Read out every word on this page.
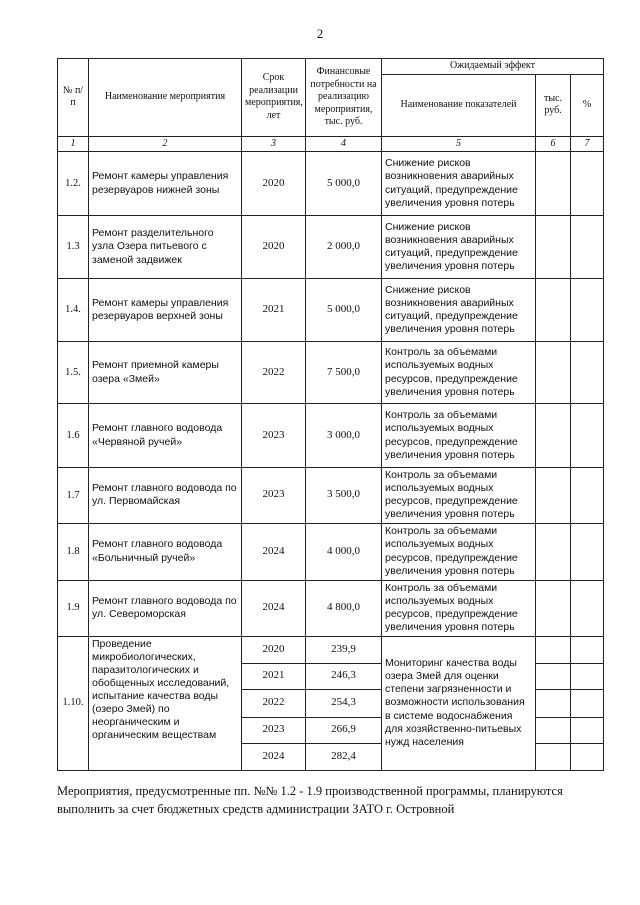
2
№ п/п	Наименование мероприятия	Срок реализации мероприятия, лет	Финансовые потребности на реализацию мероприятия, тыс. руб.	Ожидаемый эффект		
				Наименование показателей	тыс. руб.	%
1	2	3	4	5	6	7
1.2.	Ремонт камеры управления резервуаров нижней зоны	2020	5 000,0	Снижение рисков возникновения аварийных ситуаций, предупреждение увеличения уровня потерь		
1.3	Ремонт разделительного узла Озера питьевого с заменой задвижек	2020	2 000,0	Снижение рисков возникновения аварийных ситуаций, предупреждение увеличения уровня потерь		
1.4.	Ремонт камеры управления резервуаров верхней зоны	2021	5 000,0	Снижение рисков возникновения аварийных ситуаций, предупреждение увеличения уровня потерь		
1.5.	Ремонт приемной камеры озера «Змей»	2022	7 500,0	Контроль за объемами используемых водных ресурсов, предупреждение увеличения уровня потерь		
1.6	Ремонт главного водовода «Червяной ручей»	2023	3 000,0	Контроль за объемами используемых водных ресурсов, предупреждение увеличения уровня потерь		
1.7	Ремонт главного водовода по ул. Первомайская	2023	3 500,0	Контроль за объемами используемых водных ресурсов, предупреждение увеличения уровня потерь		
1.8	Ремонт главного водовода «Больничный ручей»	2024	4 000,0	Контроль за объемами используемых водных ресурсов, предупреждение увеличения уровня потерь		
1.9	Ремонт главного водовода по ул. Североморская	2024	4 800,0	Контроль за объемами используемых водных ресурсов, предупреждение увеличения уровня потерь		
1.10.	Проведение микробиологических, паразитологических и обобщенных исследований, испытание качества воды (озеро Змей) по неорганическим и органическим веществам	2020	239,9	Мониторинг качества воды озера Змей для оценки степени загрязненности и возможности использования в системе водоснабжения для хозяйственно-питьевых нужд населения		
		2021	246,3			
		2022	254,3			
		2023	266,9			
		2024	282,4			
Мероприятия, предусмотренные пп. №№ 1.2 - 1.9 производственной программы, планируются выполнить за счет бюджетных средств администрации ЗАТО г. Островной
